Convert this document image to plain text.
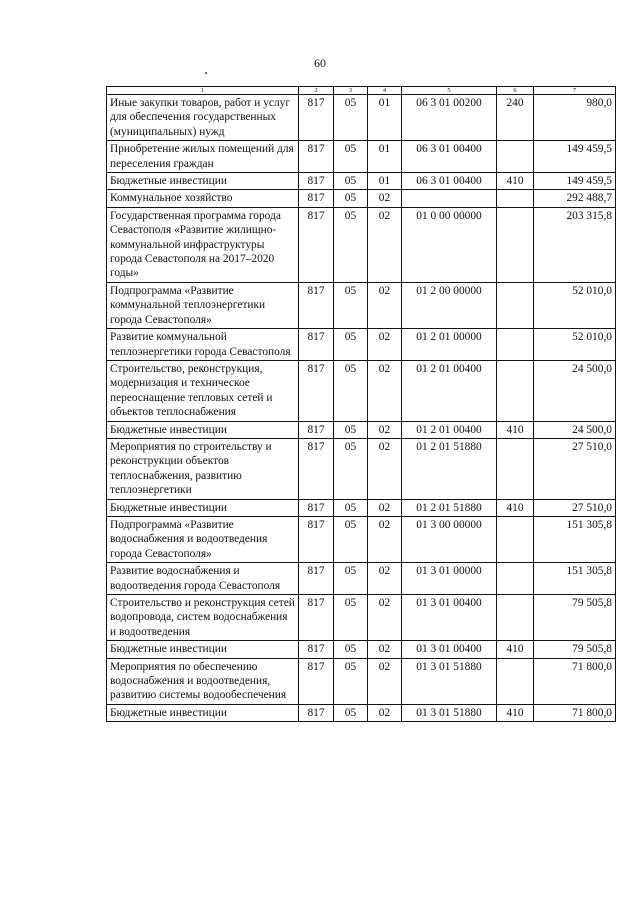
60
1	2	3	4	5	6	7
Иные закупки товаров, работ и услуг для обеспечения государственных (муниципальных) нужд	817	05	01	06 3 01 00200	240	980,0
Приобретение жилых помещений для переселения граждан	817	05	01	06 3 01 00400		149 459,5
Бюджетные инвестиции	817	05	01	06 3 01 00400	410	149 459,5
Коммунальное хозяйство	817	05	02			292 488,7
Государственная программа города Севастополя «Развитие жилищно-коммунальной инфраструктуры города Севастополя на 2017–2020 годы»	817	05	02	01 0 00 00000		203 315,8
Подпрограмма «Развитие коммунальной теплоэнергетики города Севастополя»	817	05	02	01 2 00 00000		52 010,0
Развитие коммунальной теплоэнергетики города Севастополя	817	05	02	01 2 01 00000		52 010,0
Строительство, реконструкция, модернизация и техническое переоснащение тепловых сетей и объектов теплоснабжения	817	05	02	01 2 01 00400		24 500,0
Бюджетные инвестиции	817	05	02	01 2 01 00400	410	24 500,0
Мероприятия по строительству и реконструкции объектов теплоснабжения, развитию теплоэнергетики	817	05	02	01 2 01 51880		27 510,0
Бюджетные инвестиции	817	05	02	01 2 01 51880	410	27 510,0
Подпрограмма «Развитие водоснабжения и водоотведения города Севастополя»	817	05	02	01 3 00 00000		151 305,8
Развитие водоснабжения и водоотведения города Севастополя	817	05	02	01 3 01 00000		151 305,8
Строительство и реконструкция сетей водопровода, систем водоснабжения и водоотведения	817	05	02	01 3 01 00400		79 505,8
Бюджетные инвестиции	817	05	02	01 3 01 00400	410	79 505,8
Мероприятия по обеспечению водоснабжения и водоотведения, развитию системы водообеспечения	817	05	02	01 3 01 51880		71 800,0
Бюджетные инвестиции	817	05	02	01 3 01 51880	410	71 800,0
